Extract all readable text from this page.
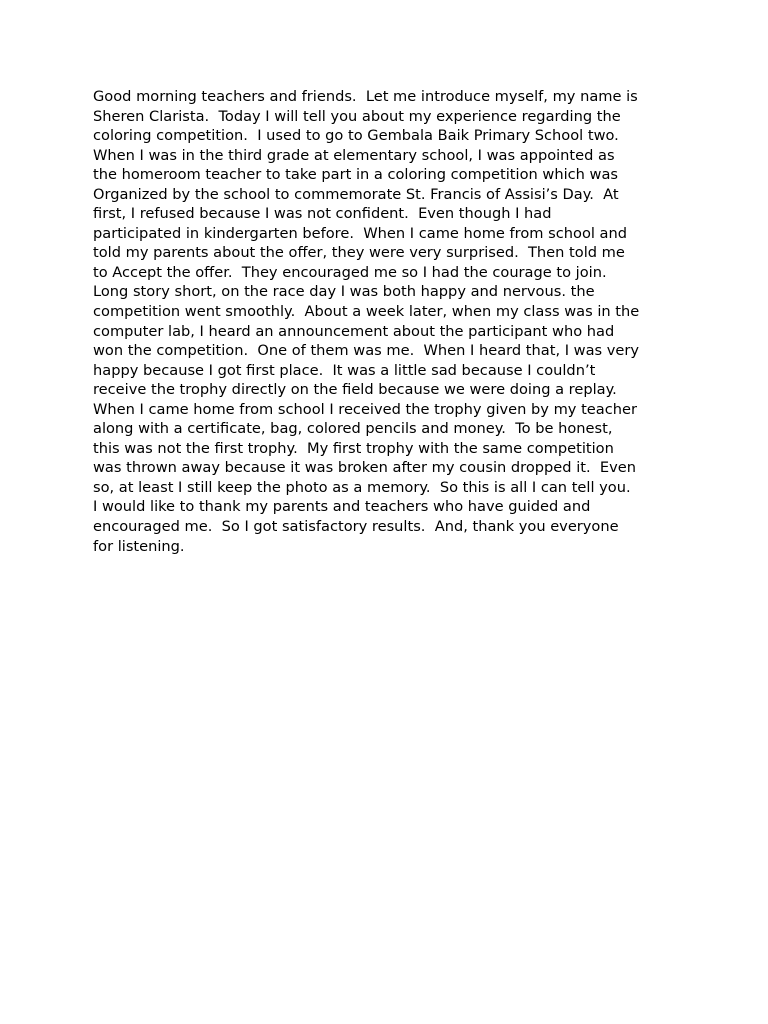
Good morning teachers and friends.  Let me introduce myself, my name is
Sheren Clarista.  Today I will tell you about my experience regarding the
coloring competition.  I used to go to Gembala Baik Primary School two.
When I was in the third grade at elementary school, I was appointed as
the homeroom teacher to take part in a coloring competition which was
Organized by the school to commemorate St. Francis of Assisi’s Day.  At
first, I refused because I was not confident.  Even though I had
participated in kindergarten before.  When I came home from school and
told my parents about the offer, they were very surprised.  Then told me
to Accept the offer.  They encouraged me so I had the courage to join.
Long story short, on the race day I was both happy and nervous. the
competition went smoothly.  About a week later, when my class was in the
computer lab, I heard an announcement about the participant who had
won the competition.  One of them was me.  When I heard that, I was very
happy because I got first place.  It was a little sad because I couldn’t
receive the trophy directly on the field because we were doing a replay.
When I came home from school I received the trophy given by my teacher
along with a certificate, bag, colored pencils and money.  To be honest,
this was not the first trophy.  My first trophy with the same competition
was thrown away because it was broken after my cousin dropped it.  Even
so, at least I still keep the photo as a memory.  So this is all I can tell you.
I would like to thank my parents and teachers who have guided and
encouraged me.  So I got satisfactory results.  And, thank you everyone
for listening.
